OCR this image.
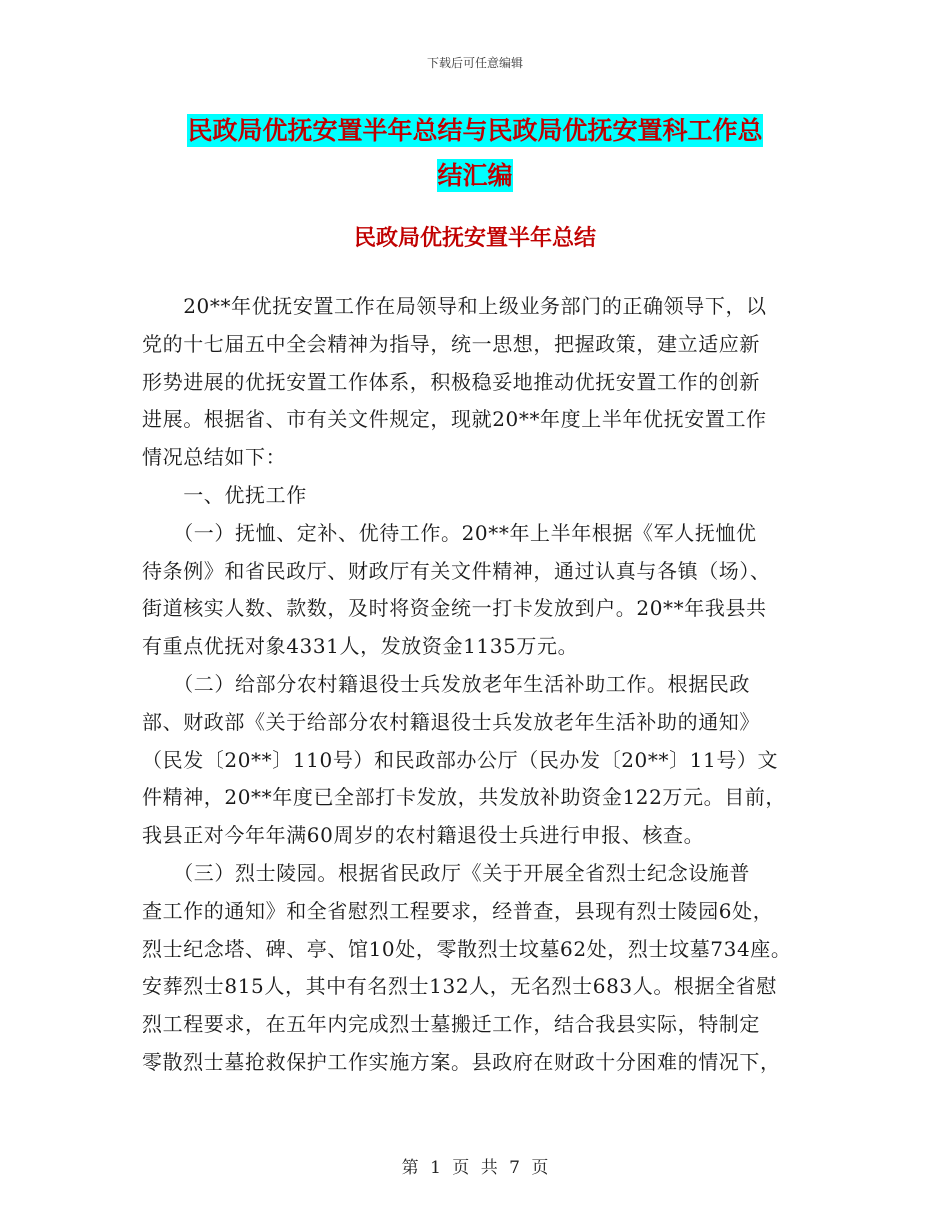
下载后可任意编辑
民政局优抚安置半年总结与民政局优抚安置科工作总
结汇编
民政局优抚安置半年总结
　　20**年优抚安置工作在局领导和上级业务部门的正确领导下，以
党的十七届五中全会精神为指导，统一思想，把握政策，建立适应新
形势进展的优抚安置工作体系，积极稳妥地推动优抚安置工作的创新
进展。根据省、市有关文件规定，现就20**年度上半年优抚安置工作
情况总结如下：
　　一、优抚工作
　　（一）抚恤、定补、优待工作。20**年上半年根据《军人抚恤优
待条例》和省民政厅、财政厅有关文件精神，通过认真与各镇（场）、
街道核实人数、款数，及时将资金统一打卡发放到户。20**年我县共
有重点优抚对象4331人，发放资金1135万元。
　　（二）给部分农村籍退役士兵发放老年生活补助工作。根据民政
部、财政部《关于给部分农村籍退役士兵发放老年生活补助的通知》
（民发〔20**〕110号）和民政部办公厅（民办发〔20**〕11号）文
件精神，20**年度已全部打卡发放，共发放补助资金122万元。目前，
我县正对今年年满60周岁的农村籍退役士兵进行申报、核查。
　　（三）烈士陵园。根据省民政厅《关于开展全省烈士纪念设施普
查工作的通知》和全省慰烈工程要求，经普查，县现有烈士陵园6处，
烈士纪念塔、碑、亭、馆10处，零散烈士坟墓62处，烈士坟墓734座。
安葬烈士815人，其中有名烈士132人，无名烈士683人。根据全省慰
烈工程要求，在五年内完成烈士墓搬迁工作，结合我县实际，特制定
零散烈士墓抢救保护工作实施方案。县政府在财政十分困难的情况下，
第 1 页 共 7 页
